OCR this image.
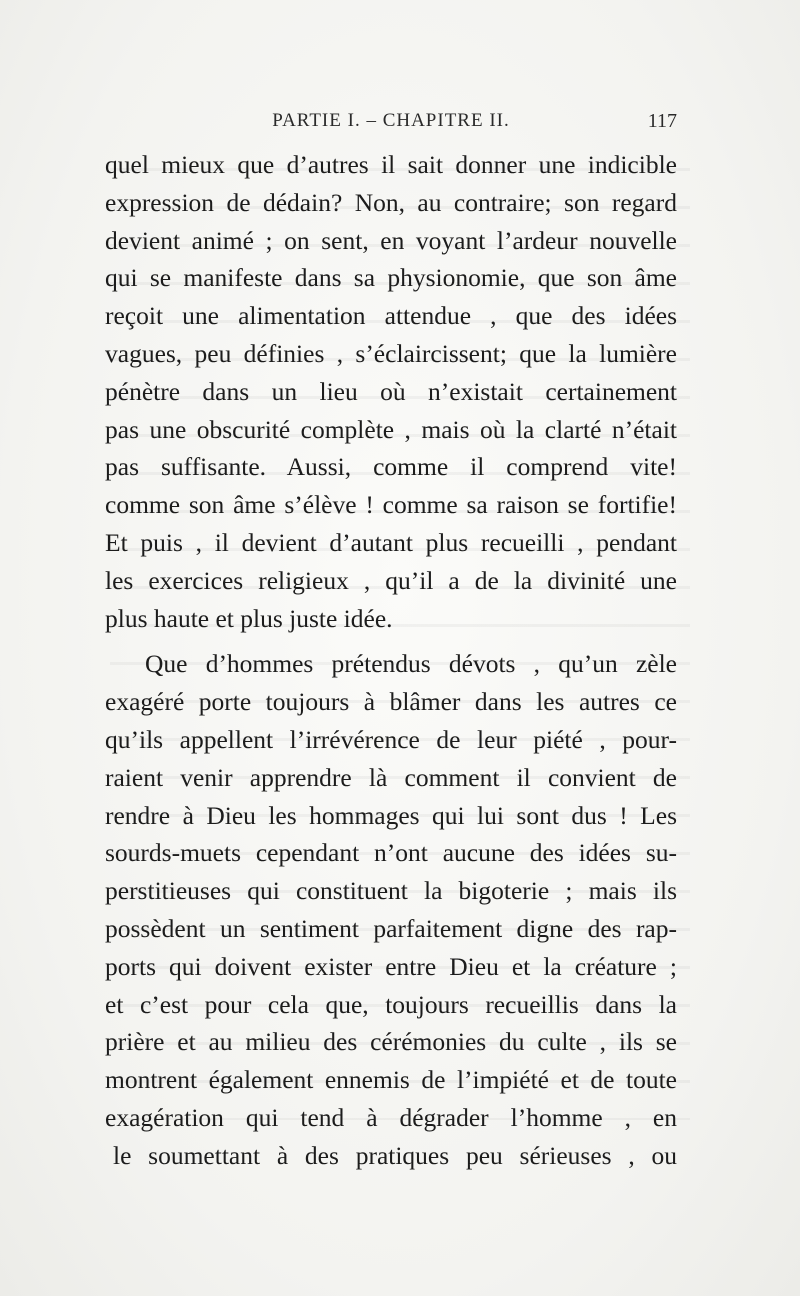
PARTIE I. – CHAPITRE II.	117
quel mieux que d’autres il sait donner une indicible
expression de dédain? Non, au contraire; son regard
devient animé ; on sent, en voyant l’ardeur nouvelle
qui se manifeste dans sa physionomie, que son âme
reçoit une alimentation attendue , que des idées
vagues, peu définies , s’éclaircissent; que la lumière
pénètre dans un lieu où n’existait certainement
pas une obscurité complète , mais où la clarté n’était
pas suffisante. Aussi, comme il comprend vite!
comme son âme s’élève ! comme sa raison se fortifie!
Et puis , il devient d’autant plus recueilli , pendant
les exercices religieux , qu’il a de la divinité une
plus haute et plus juste idée.
Que d’hommes prétendus dévots , qu’un zèle
exagéré porte toujours à blâmer dans les autres ce
qu’ils appellent l’irrévérence de leur piété , pour-
raient venir apprendre là comment il convient de
rendre à Dieu les hommages qui lui sont dus ! Les
sourds-muets cependant n’ont aucune des idées su-
perstitieuses qui constituent la bigoterie ; mais ils
possèdent un sentiment parfaitement digne des rap-
ports qui doivent exister entre Dieu et la créature ;
et c’est pour cela que, toujours recueillis dans la
prière et au milieu des cérémonies du culte , ils se
montrent également ennemis de l’impiété et de toute
exagération qui tend à dégrader l’homme , en
le soumettant à des pratiques peu sérieuses , ou
